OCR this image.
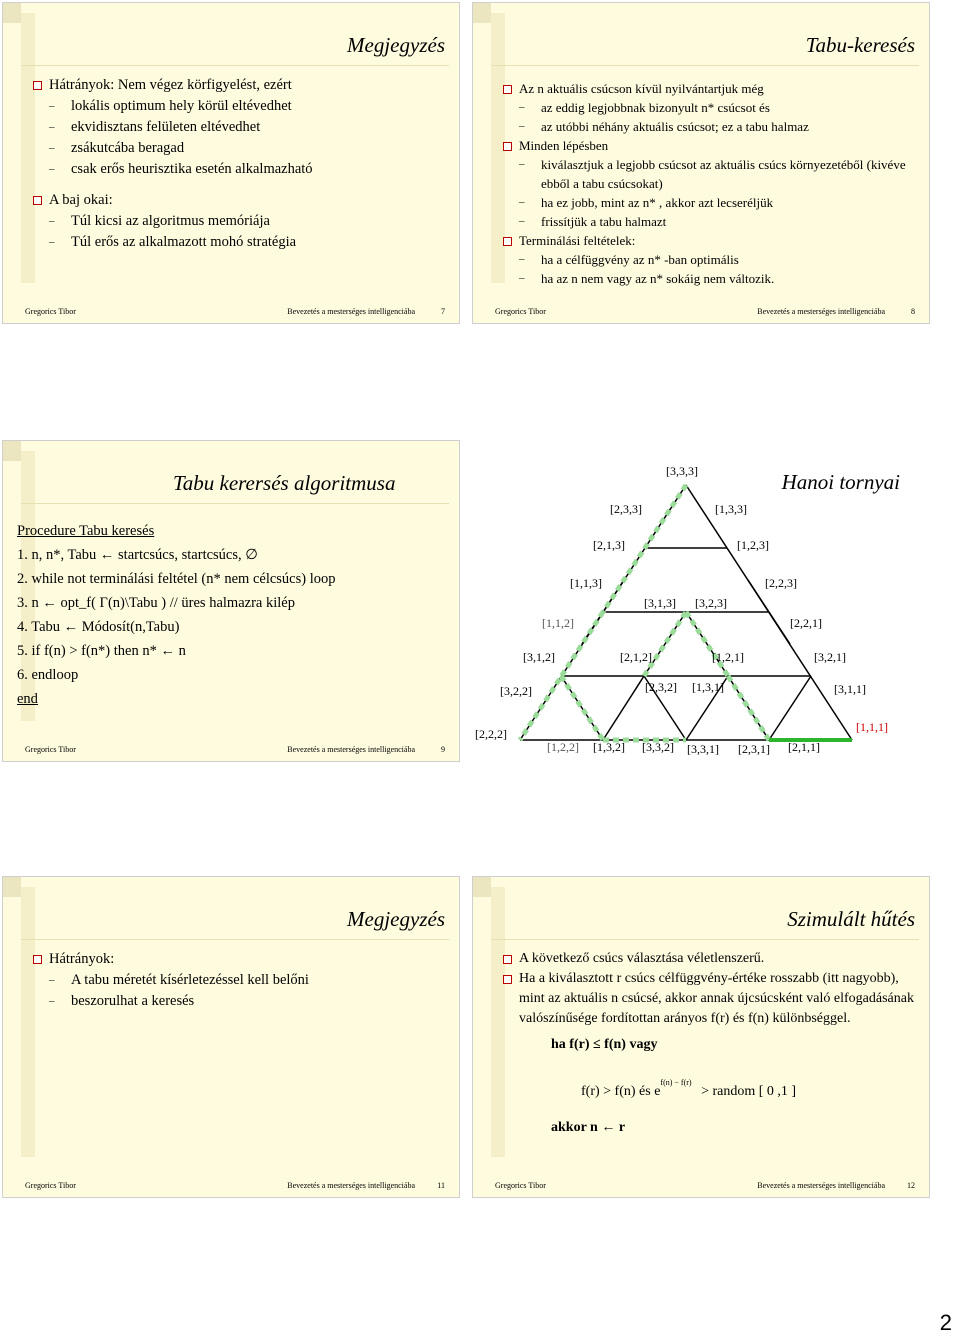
Megjegyzés
Hátrányok: Nem végez körfigyelést, ezért
– lokális optimum hely körül eltévedhet
– ekvidisztans felületen eltévedhet
– zsákutcába beragad
– csak erős heurisztika esetén alkalmazható
A baj okai:
– Túl kicsi az algoritmus memóriája
– Túl erős az alkalmazott mohó stratégia
Gregorics Tibor	Bevezetés a mesterséges intelligenciába	7
Tabu-keresés
Az n aktuális csúcson kívül nyilvántartjuk még
– az eddig legjobbnak bizonyult n* csúcsot és
– az utóbbi néhány aktuális csúcsot; ez a tabu halmaz
Minden lépésben
– kiválasztjuk a legjobb csúcsot az aktuális csúcs környezetéből (kivéve ebből a tabu csúcsokat)
– ha ez jobb, mint az n* , akkor azt lecseréljük
– frissítjük a tabu halmazt
Terminálási feltételek:
– ha a célfüggvény az n* -ban optimális
– ha az n nem vagy az n* sokáig nem változik.
Gregorics Tibor	Bevezetés a mesterséges intelligenciába	8
Tabu kerersés algoritmusa
Procedure Tabu keresés
1. n, n*, Tabu ← startcsúcs, startcsúcs, ∅
2. while not terminálási feltétel (n* nem célcsúcs) loop
3. n ← opt_f( Γ(n)\Tabu ) // üres halmazra kilép
4. Tabu ← Módosít(n,Tabu)
5. if f(n) > f(n*) then n* ← n
6. endloop
end
Gregorics Tibor	Bevezetés a mesterséges intelligenciába	9
Hanoi tornyai
[3,3,3]
[2,3,3]	[1,3,3]
[2,1,3]	[1,2,3]
[1,1,3]	[2,2,3]
[3,1,3] [3,2,3]
[1,1,2]	[2,2,1]
[3,1,2]	[2,1,2]	[1,2,1]	[3,2,1]
[3,2,2]	[2,3,2] [1,3,1]	[3,1,1]
[2,2,2]	[1,1,1]
[1,2,2] [1,3,2] [3,3,2] [3,3,1] [2,3,1] [2,1,1]
Megjegyzés
Hátrányok:
– A tabu méretét kísérletezéssel kell belőni
– beszorulhat a keresés
Gregorics Tibor	Bevezetés a mesterséges intelligenciába	11
Szimulált hűtés
A következő csúcs választása véletlenszerű.
Ha a kiválasztott r csúcs célfüggvény-értéke rosszabb (itt nagyobb), mint az aktuális n csúcsé, akkor annak újcsúcsként való elfogadásának valószínűsége fordítottan arányos f(r) és f(n) különbséggel.
ha f(r) ≤ f(n) vagy
f(r) > f(n) és $e^{f(n) - f(r)}$ > random [ 0 ,1 ]
akkor n ← r
Gregorics Tibor	Bevezetés a mesterséges intelligenciába	12
2
